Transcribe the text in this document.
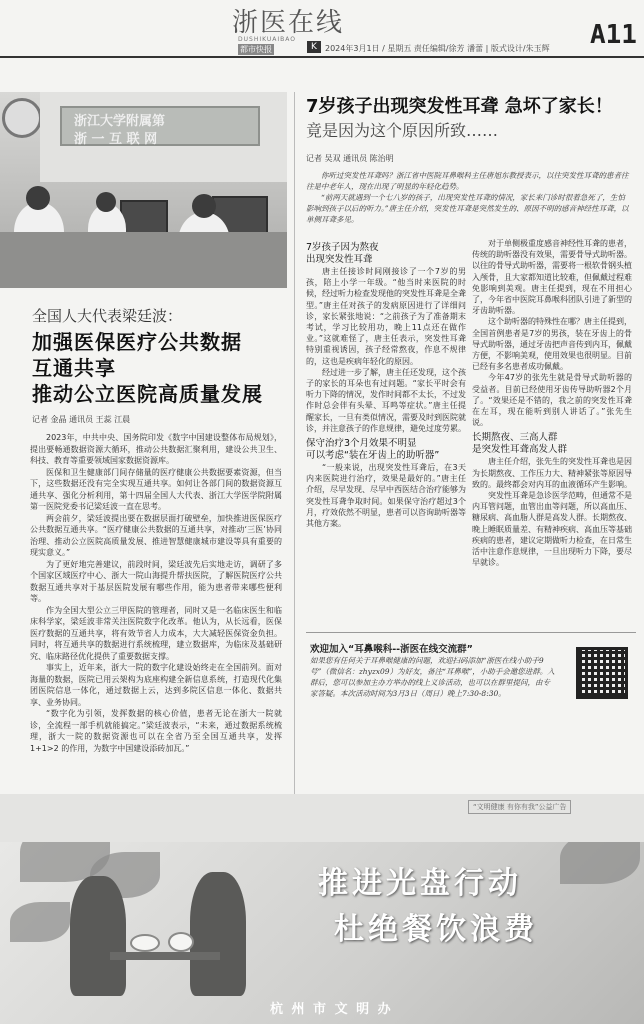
浙医在线
DUSHIKUAIBAO
都市快报	K	2024年3月1日 / 星期五 责任编辑/徐芳 潘蕾 | 版式设计/朱玉辉 A11
浙江大学附属第
浙 一 互 联 网
全国人大代表梁廷波：
加强医保医疗公共数据
互通共享
推动公立医院高质量发展
记者 金晶 通讯员 王蕊 江晨

2023年，中共中央、国务院印发《数字中国建设整体布局规划》，提出要畅通数据资源大循环，推动公共数据汇聚利用，建设公共卫生、科技、教育等重要领域国家数据资源库。

医保和卫生健康部门间存储量的医疗健康公共数据要素资源，但当下，这些数据还没有完全实现互通共享。如何让各部门间的数据资源互通共享、强化分析利用，第十四届全国人大代表、浙江大学医学院附属第一医院党委书记梁廷波一直在思考。

两会前夕，梁廷波提出要在数据层面打破壁垒，加快推进医保医疗公共数据互通共享。“医疗健康公共数据的互通共享，对推动‘三医’协同治理、推动公立医院高质量发展、推进智慧健康城市建设等具有重要的现实意义。”

为了更好地完善建议，前段时间，梁廷波先后实地走访，调研了多个国家区域医疗中心、浙大一院山海提升帮扶医院，了解医院医疗公共数据互通共享对于基层医院发展有哪些作用，能为患者带来哪些便利等。

作为全国大型公立三甲医院的管理者，同时又是一名临床医生和临床科学家，梁廷波非常关注医院数字化改革。他认为，从长远看，医保医疗数据的互通共享，将有效节省人力成本，大大减轻医保资金负担。同时，将互通共享的数据进行系统梳理，建立数据库，为临床及基础研究、临床路径优化提供了重要数据支撑。

事实上，近年来，浙大一院的数字化建设始终走在全国前列。面对海量的数据，医院已用云架构为底座构建全新信息系统，打造现代化集团医院信息一体化，通过数据上云，达到多院区信息一体化、数据共享、业务协同。

“数字化为引领，发挥数据的核心价值，患者无论在浙大一院就诊，全流程一部手机就能搞定。”梁廷波表示，“未来，通过数据系统梳理，浙大一院的数据资源也可以在全省乃至全国互通共享，发挥1+1>2 的作用，为数字中国建设添砖加瓦。”

7岁孩子出现突发性耳聋 急坏了家长！
竟是因为这个原因所致……
记者 吴双 通讯员 陈治明

你听过突发性耳聋吗？浙江省中医院耳鼻喉科主任唐旭东教授表示，以往突发性耳聋的患者往往是中老年人，现在出现了明显的年轻化趋势。

“前两天就遇到一个七八岁的孩子，出现突发性耳聋的情况，家长来门诊时很着急死了，生怕影响到孩子以后的听力。”唐主任介绍，突发性耳聋是突然发生的、原因不明的感音神经性耳聋，以单侧耳聋多见。

7岁孩子因为熬夜
出现突发性耳聋

唐主任接诊时间刚接诊了一个7岁的男孩，陪上小学一年级。“他当时来医院的时候，经过听力检查发现他的突发性耳聋是全聋型。”唐主任对孩子的发病原因进行了详细问诊，家长紧张地说：“之前孩子为了准备期末考试，学习比较用功，晚上11点还在做作业。”这就难怪了，唐主任表示，突发性耳聋特别重视诱因，孩子经常熬夜，作息不规律的，这也是疾病年轻化的原因。

经过进一步了解，唐主任还发现，这个孩子的家长的耳朵也有过问题。“家长平时会有听力下降的情况，发作时间都不太长，不过发作时总会伴有头晕、耳鸣等症状。”唐主任提醒家长，一旦有类似情况，需要及时到医院就诊，并注意孩子的作息规律，避免过度劳累。

保守治疗3个月效果不明显
可以考虑“装在牙齿上的助听器”

“一般来说，出现突发性耳聋后，在3天内来医院进行治疗，效果是最好的。”唐主任介绍，尽早发现、尽早中西医结合治疗能够为突发性耳聋争取时间。如果保守治疗超过3个月，疗效依然不明显，患者可以咨询助听器等其他方案。

对于单侧极重度感音神经性耳聋的患者，传统的助听器没有效果，需要骨导式助听器。以往的骨导式助听器，需要将一根软骨钢头植入颅骨，且大家都知道比较难，但佩戴过程难免影响到美观。唐主任提到，现在不用担心了，今年省中医院耳鼻喉科团队引进了新型的牙齿助听器。

这个助听器的特殊性在哪？唐主任提到，全国首例患者是7岁的男孩，装在牙齿上的骨导式助听器，通过牙齿把声音传到内耳，佩戴方便，不影响美观，使用效果也很明显。目前已经有多名患者成功佩戴。

今年47岁的张先生就是骨导式助听器的受益者。目前已经使用牙齿传导助听器2个月了。“效果还是不错的，我之前的突发性耳聋在左耳，现在能听到别人讲话了。”张先生说。

长期熬夜、三高人群
是突发性耳聋高发人群

唐主任介绍，张先生的突发性耳聋也是因为长期熬夜、工作压力大、精神紧张等原因导致的。最终都会对内耳的血液循环产生影响。

突发性耳聋是急诊医学范畴，但通常不是内耳管问题，血管出血等问题，所以高血压、糖尿病、高血脂人群是高发人群。长期熬夜、晚上睡眠质量差、有精神疾病、高血压等基础疾病的患者，建议定期做听力检查，在日常生活中注意作息规律，一旦出现听力下降，要尽早就诊。

欢迎加入“耳鼻喉科--浙医在线交流群”
如果您有任何关于耳鼻喉健康的问题，欢迎扫码添加“浙医在线小助手9号”（微信名：zhyzx09）为好友，备注“耳鼻喉”，小助手会邀您进群。入群后，您可以参加主办方举办的线上义诊活动，也可以在群里提问，由专家答疑。本次活动时间为3月3日（周日）晚上7:30-8:30。
“文明健康 有你有我”公益广告
推进光盘行动
杜绝餐饮浪费
杭 州 市 文 明 办
